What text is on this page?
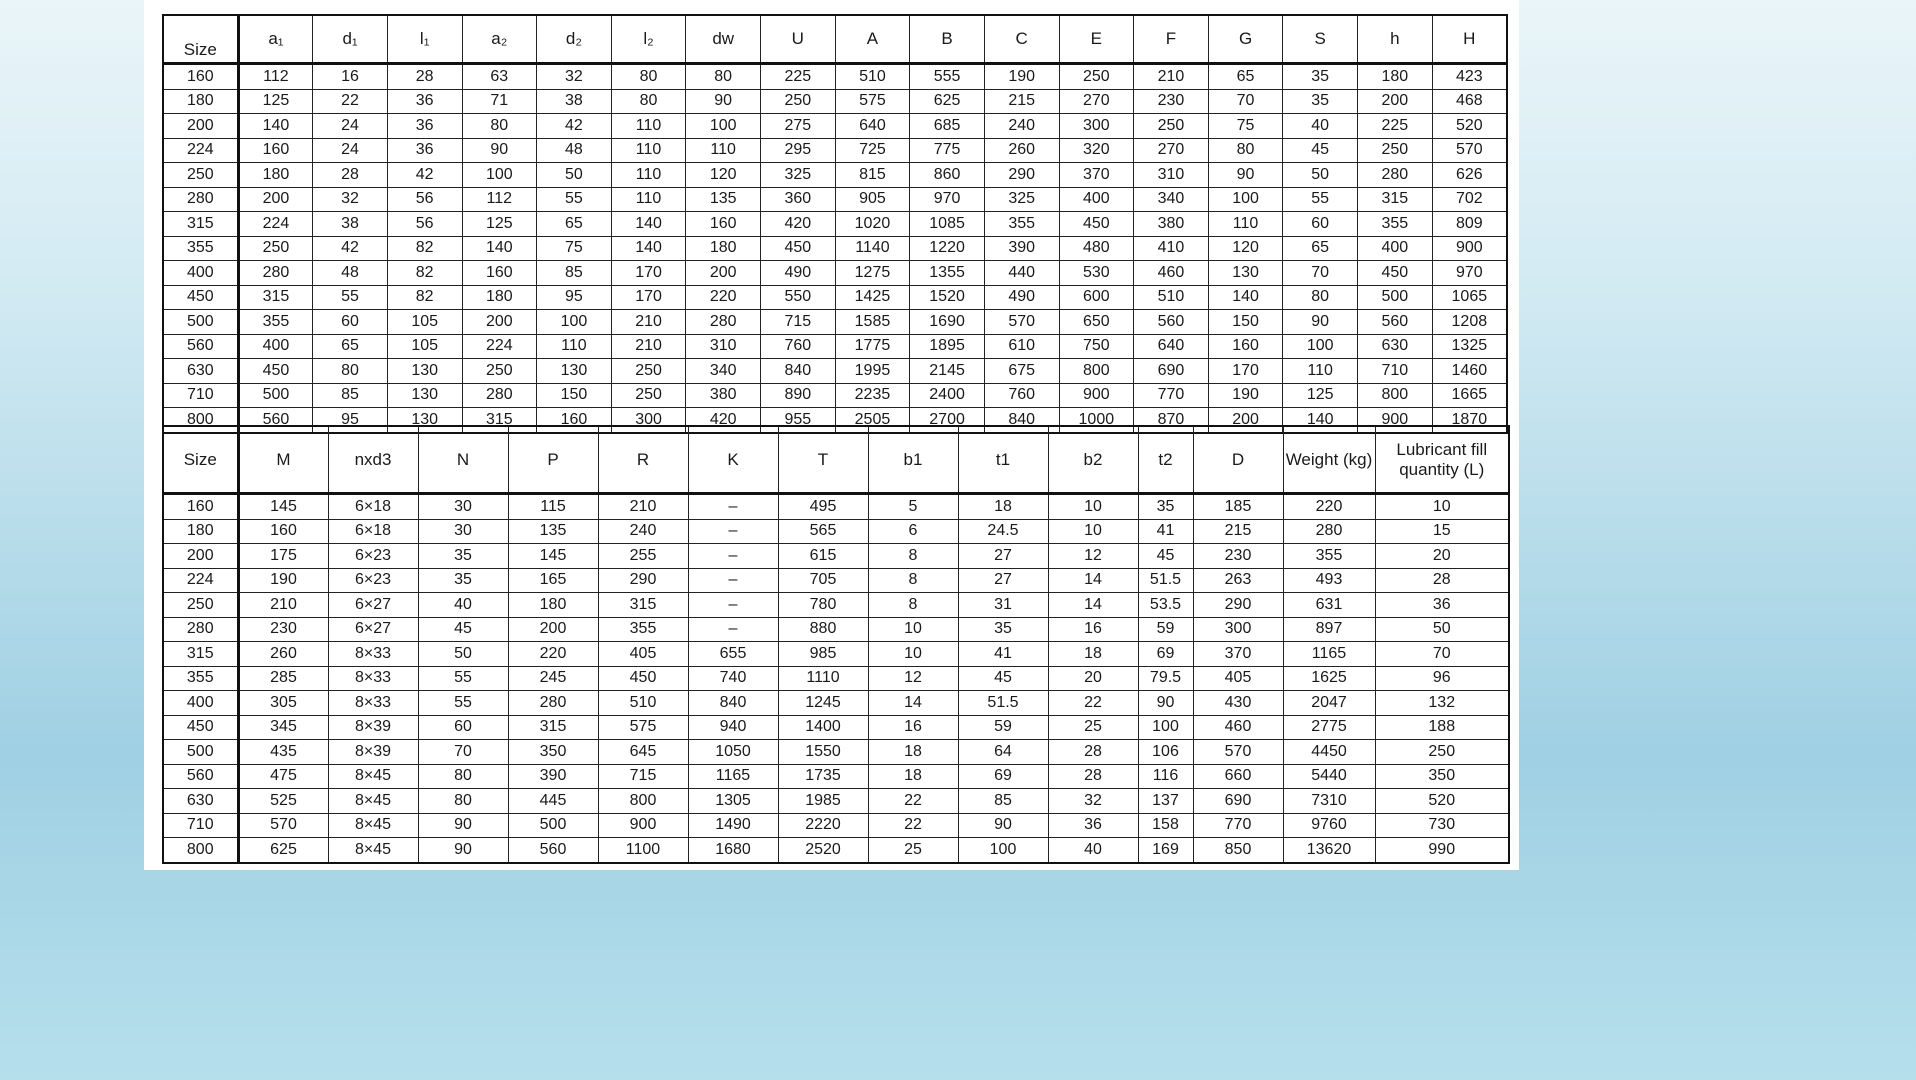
Size	a₁	d₁	l₁	a₂	d₂	l₂	dw	U	A	B	C	E	F	G	S	h	H
160	112	16	28	63	32	80	80	225	510	555	190	250	210	65	35	180	423
180	125	22	36	71	38	80	90	250	575	625	215	270	230	70	35	200	468
200	140	24	36	80	42	110	100	275	640	685	240	300	250	75	40	225	520
224	160	24	36	90	48	110	110	295	725	775	260	320	270	80	45	250	570
250	180	28	42	100	50	110	120	325	815	860	290	370	310	90	50	280	626
280	200	32	56	112	55	110	135	360	905	970	325	400	340	100	55	315	702
315	224	38	56	125	65	140	160	420	1020	1085	355	450	380	110	60	355	809
355	250	42	82	140	75	140	180	450	1140	1220	390	480	410	120	65	400	900
400	280	48	82	160	85	170	200	490	1275	1355	440	530	460	130	70	450	970
450	315	55	82	180	95	170	220	550	1425	1520	490	600	510	140	80	500	1065
500	355	60	105	200	100	210	280	715	1585	1690	570	650	560	150	90	560	1208
560	400	65	105	224	110	210	310	760	1775	1895	610	750	640	160	100	630	1325
630	450	80	130	250	130	250	340	840	1995	2145	675	800	690	170	110	710	1460
710	500	85	130	280	150	250	380	890	2235	2400	760	900	770	190	125	800	1665
800	560	95	130	315	160	300	420	955	2505	2700	840	1000	870	200	140	900	1870
Size	M	nxd3	N	P	R	K	T	b1	t1	b2	t2	D	Weight (kg)	Lubricant fill quantity (L)
160	145	6×18	30	115	210	–	495	5	18	10	35	185	220	10
180	160	6×18	30	135	240	–	565	6	24.5	10	41	215	280	15
200	175	6×23	35	145	255	–	615	8	27	12	45	230	355	20
224	190	6×23	35	165	290	–	705	8	27	14	51.5	263	493	28
250	210	6×27	40	180	315	–	780	8	31	14	53.5	290	631	36
280	230	6×27	45	200	355	–	880	10	35	16	59	300	897	50
315	260	8×33	50	220	405	655	985	10	41	18	69	370	1165	70
355	285	8×33	55	245	450	740	1110	12	45	20	79.5	405	1625	96
400	305	8×33	55	280	510	840	1245	14	51.5	22	90	430	2047	132
450	345	8×39	60	315	575	940	1400	16	59	25	100	460	2775	188
500	435	8×39	70	350	645	1050	1550	18	64	28	106	570	4450	250
560	475	8×45	80	390	715	1165	1735	18	69	28	116	660	5440	350
630	525	8×45	80	445	800	1305	1985	22	85	32	137	690	7310	520
710	570	8×45	90	500	900	1490	2220	22	90	36	158	770	9760	730
800	625	8×45	90	560	1100	1680	2520	25	100	40	169	850	13620	990
